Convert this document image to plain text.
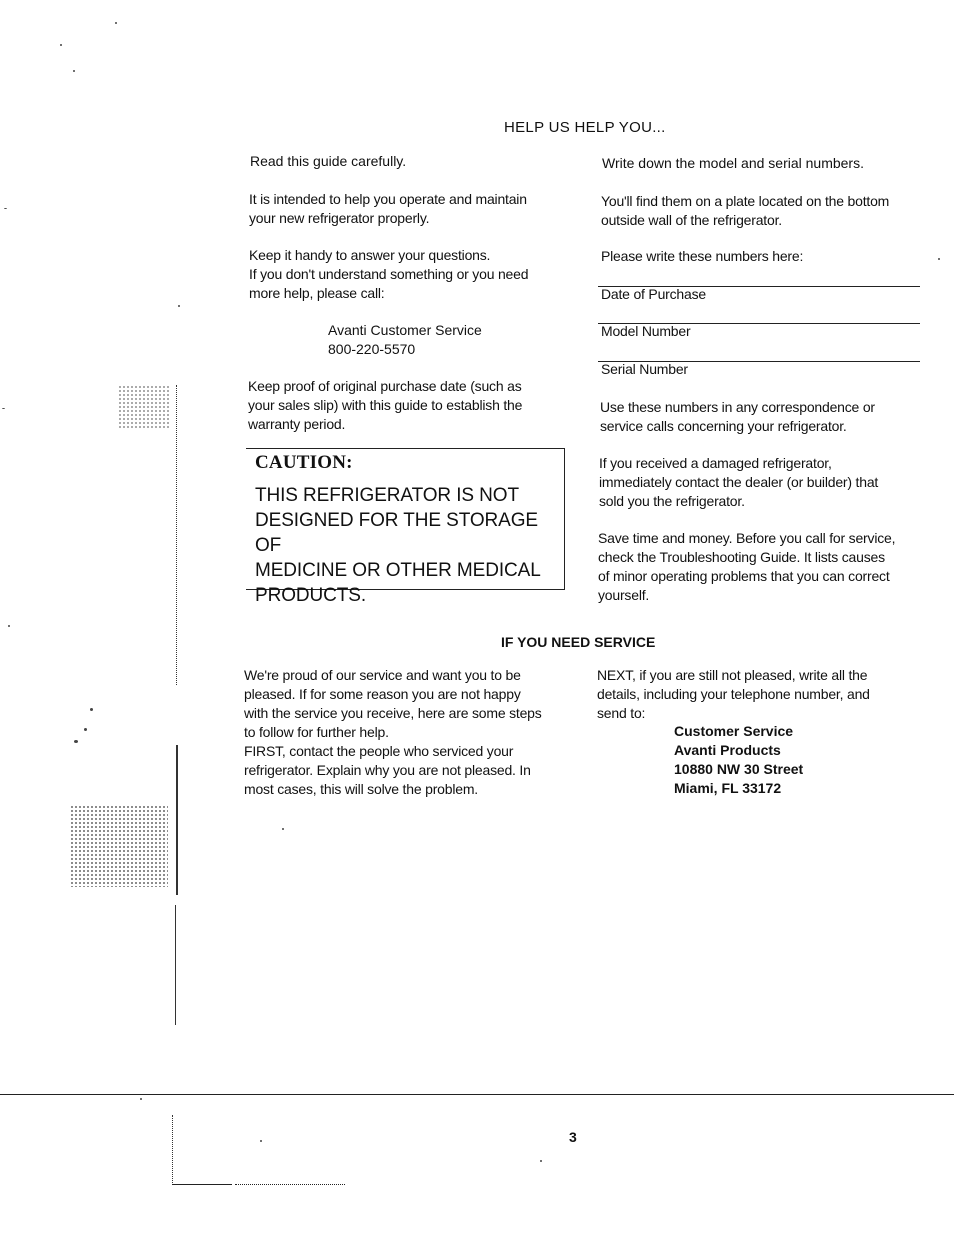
HELP US HELP YOU...
Read this guide carefully.
It is intended to help you operate and maintain
your new refrigerator properly.
Keep it handy to answer your questions.
If you don't understand something or you need
more help, please call:
Avanti Customer Service
800-220-5570
Keep proof of original purchase date (such as
your sales slip) with this guide to establish the
warranty period.
CAUTION:
THIS REFRIGERATOR IS NOT
DESIGNED FOR THE STORAGE OF
MEDICINE OR OTHER MEDICAL
PRODUCTS.
Write down the model and serial numbers.
You'll find them on a plate located on the bottom
outside wall of the refrigerator.
Please write these numbers here:
Date of Purchase
Model Number
Serial Number
Use these numbers in any correspondence or
service calls concerning your refrigerator.
If you received a damaged refrigerator,
immediately contact the dealer (or builder) that
sold you the refrigerator.
Save time and money. Before you call for service,
check the Troubleshooting Guide. It lists causes
of minor operating problems that you can correct
yourself.
IF YOU NEED SERVICE
We're proud of our service and want you to be
pleased. If for some reason you are not happy
with the service you receive, here are some steps
to follow for further help.
FIRST, contact the people who serviced your
refrigerator. Explain why you are not pleased. In
most cases, this will solve the problem.
NEXT, if you are still not pleased, write all the
details, including your telephone number, and
send to:
Customer Service
Avanti Products
10880 NW 30 Street
Miami, FL 33172
3
